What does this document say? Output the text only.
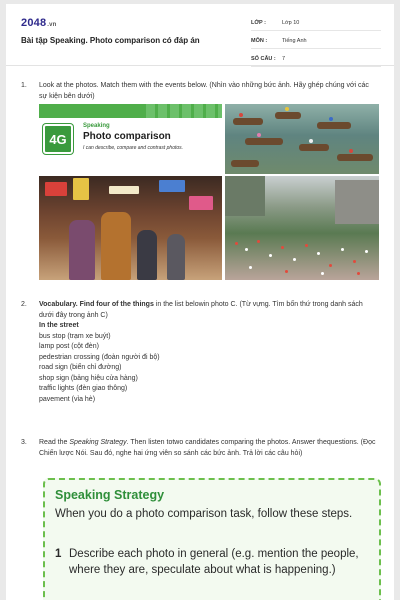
2048.vn
Bài tập Speaking. Photo comparison có đáp án
LỚP :	Lớp 10
MÔN :	Tiếng Anh
SỐ CÂU :	7
1.	Look at the photos. Match them with the events below. (Nhìn vào những bức ảnh. Hãy ghép chúng với các sự kiện bên dưới)
4G
Speaking
Photo comparison
I can describe, compare and contrast photos.
2.	Vocabulary. Find four of the things in the list belowin photo C. (Từ vựng. Tìm bốn thứ trong danh sách dưới đây trong ảnh C)
In the street
bus stop (trạm xe buýt)
lamp post (cột đèn)
pedestrian crossing (đoàn người đi bộ)
road sign (biển chỉ đường)
shop sign (bảng hiệu cửa hàng)
traffic lights (đèn giao thông)
pavement (vỉa hè)
3.	Read the Speaking Strategy. Then listen totwo candidates comparing the photos. Answer thequestions. (Đọc Chiến lược Nói. Sau đó, nghe hai ứng viên so sánh các bức ảnh. Trả lời các câu hỏi)
Speaking Strategy
When you do a photo comparison task, follow these steps.
1 Describe each photo in general (e.g. mention the people, where they are, speculate about what is happening.)
